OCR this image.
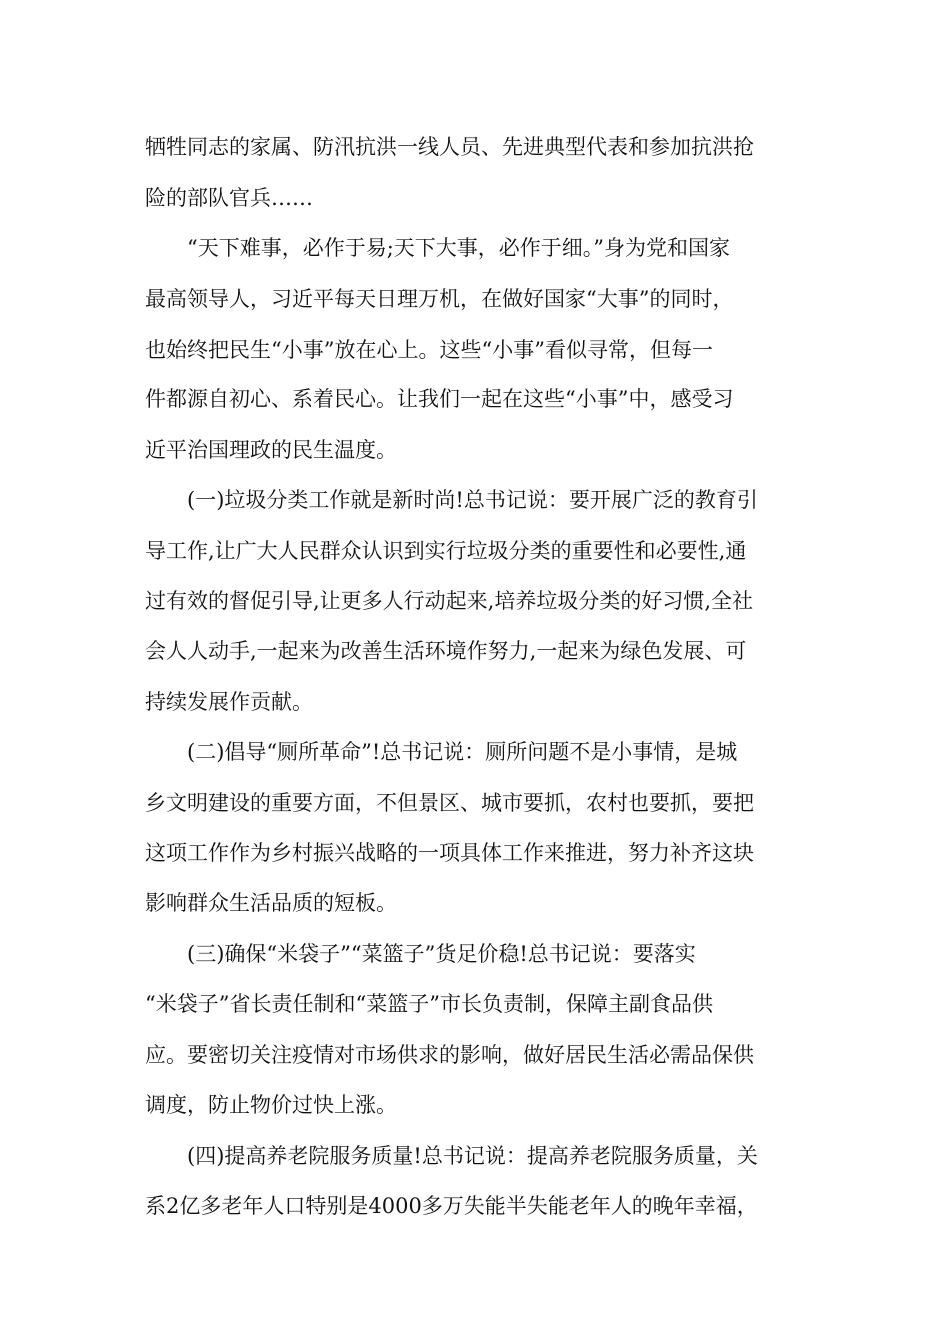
牺牲同志的家属、防汛抗洪一线人员、先进典型代表和参加抗洪抢
险的部队官兵……
“天下难事，必作于易;天下大事，必作于细。”身为党和国家
最高领导人，习近平每天日理万机，在做好国家“大事”的同时，
也始终把民生“小事”放在心上。这些“小事”看似寻常，但每一
件都源自初心、系着民心。让我们一起在这些“小事”中，感受习
近平治国理政的民生温度。
(一)垃圾分类工作就是新时尚!总书记说：要开展广泛的教育引
导工作,让广大人民群众认识到实行垃圾分类的重要性和必要性,通
过有效的督促引导,让更多人行动起来,培养垃圾分类的好习惯,全社
会人人动手,一起来为改善生活环境作努力,一起来为绿色发展、可
持续发展作贡献。
(二)倡导“厕所革命”!总书记说：厕所问题不是小事情，是城
乡文明建设的重要方面，不但景区、城市要抓，农村也要抓，要把
这项工作作为乡村振兴战略的一项具体工作来推进，努力补齐这块
影响群众生活品质的短板。
(三)确保“米袋子”“菜篮子”货足价稳!总书记说：要落实
“米袋子”省长责任制和“菜篮子”市长负责制，保障主副食品供
应。要密切关注疫情对市场供求的影响，做好居民生活必需品保供
调度，防止物价过快上涨。
(四)提高养老院服务质量!总书记说：提高养老院服务质量，关
系2亿多老年人口特别是4000多万失能半失能老年人的晚年幸福，
